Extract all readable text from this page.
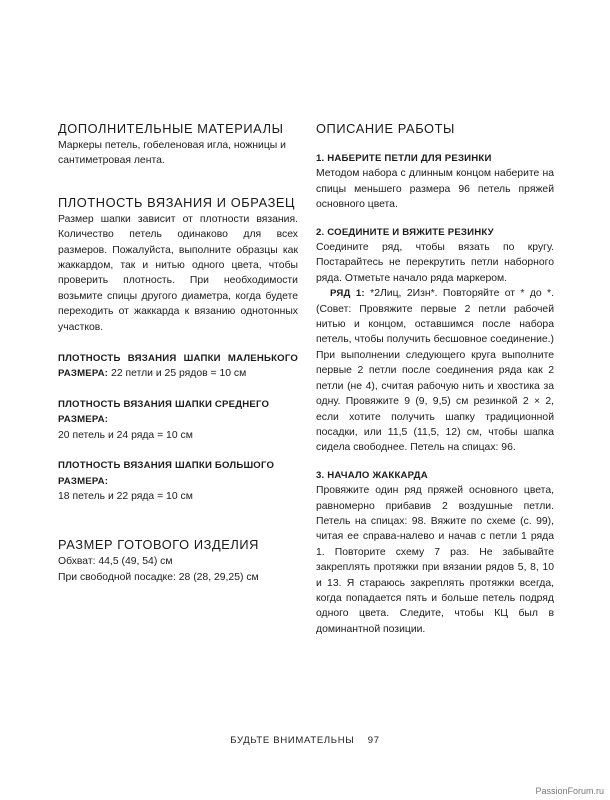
ДОПОЛНИТЕЛЬНЫЕ МАТЕРИАЛЫ

Маркеры петель, гобеленовая игла, ножницы и сантиметровая лента.

ПЛОТНОСТЬ ВЯЗАНИЯ И ОБРАЗЕЦ

Размер шапки зависит от плотности вязания. Количество петель одинаково для всех размеров. Пожалуйста, выполните образцы как жаккардом, так и нитью одного цвета, чтобы проверить плотность. При необходимости возьмите спицы другого диаметра, когда будете переходить от жаккарда к вязанию однотонных участков.

ПЛОТНОСТЬ ВЯЗАНИЯ ШАПКИ МАЛЕНЬКОГО РАЗМЕРА: 22 петли и 25 рядов = 10 см

ПЛОТНОСТЬ ВЯЗАНИЯ ШАПКИ СРЕДНЕГО РАЗМЕРА:

20 петель и 24 ряда = 10 см

ПЛОТНОСТЬ ВЯЗАНИЯ ШАПКИ БОЛЬШОГО РАЗМЕРА:

18 петель и 22 ряда = 10 см

РАЗМЕР ГОТОВОГО ИЗДЕЛИЯ

Обхват: 44,5 (49, 54) см

При свободной посадке: 28 (28, 29,25) см

ОПИСАНИЕ РАБОТЫ
1. НАБЕРИТЕ ПЕТЛИ ДЛЯ РЕЗИНКИ

Методом набора с длинным концом наберите на спицы меньшего размера 96 петель пряжей основного цвета.

2. СОЕДИНИТЕ И ВЯЖИТЕ РЕЗИНКУ

Соедините ряд, чтобы вязать по кругу. Постарайтесь не перекрутить петли наборного ряда. Отметьте начало ряда маркером.

РЯД 1: *2Лиц, 2Изн*. Повторяйте от * до *. (Совет: Провяжите первые 2 петли рабочей нитью и концом, оставшимся после набора петель, чтобы получить бесшовное соединение.) При выполнении следующего круга выполните первые 2 петли после соединения ряда как 2 петли (не 4), считая рабочую нить и хвостика за одну. Провяжите 9 (9, 9,5) см резинкой 2 × 2, если хотите получить шапку традиционной посадки, или 11,5 (11,5, 12) см, чтобы шапка сидела свободнее. Петель на спицах: 96.

3. НАЧАЛО ЖАККАРДА

Провяжите один ряд пряжей основного цвета, равномерно прибавив 2 воздушные петли. Петель на спицах: 98. Вяжите по схеме (с. 99), читая ее справа-налево и начав с петли 1 ряда 1. Повторите схему 7 раз. Не забывайте закреплять протяжки при вязании рядов 5, 8, 10 и 13. Я стараюсь закреплять протяжки всегда, когда попадается пять и больше петель подряд одного цвета. Следите, чтобы КЦ был в доминантной позиции.

БУДЬТЕ ВНИМАТЕЛЬНЫ 97
PassionForum.ru
